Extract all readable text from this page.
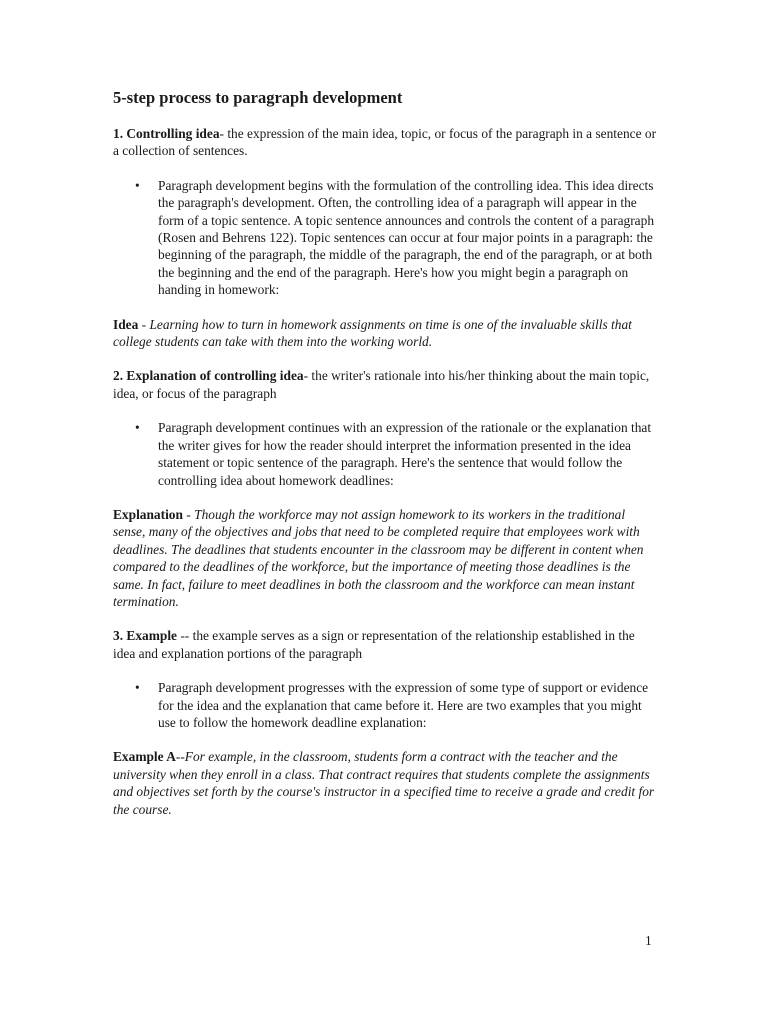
5-step process to paragraph development

1. Controlling idea- the expression of the main idea, topic, or focus of the paragraph in a sentence or a collection of sentences.

• Paragraph development begins with the formulation of the controlling idea. This idea directs the paragraph's development. Often, the controlling idea of a paragraph will appear in the form of a topic sentence. A topic sentence announces and controls the content of a paragraph (Rosen and Behrens 122). Topic sentences can occur at four major points in a paragraph: the beginning of the paragraph, the middle of the paragraph, the end of the paragraph, or at both the beginning and the end of the paragraph. Here's how you might begin a paragraph on handing in homework:

Idea - Learning how to turn in homework assignments on time is one of the invaluable skills that college students can take with them into the working world.

2. Explanation of controlling idea- the writer's rationale into his/her thinking about the main topic, idea, or focus of the paragraph

• Paragraph development continues with an expression of the rationale or the explanation that the writer gives for how the reader should interpret the information presented in the idea statement or topic sentence of the paragraph. Here's the sentence that would follow the controlling idea about homework deadlines:

Explanation - Though the workforce may not assign homework to its workers in the traditional sense, many of the objectives and jobs that need to be completed require that employees work with deadlines. The deadlines that students encounter in the classroom may be different in content when compared to the deadlines of the workforce, but the importance of meeting those deadlines is the same. In fact, failure to meet deadlines in both the classroom and the workforce can mean instant termination.

3. Example -- the example serves as a sign or representation of the relationship established in the idea and explanation portions of the paragraph

• Paragraph development progresses with the expression of some type of support or evidence for the idea and the explanation that came before it. Here are two examples that you might use to follow the homework deadline explanation:

Example A--For example, in the classroom, students form a contract with the teacher and the university when they enroll in a class. That contract requires that students complete the assignments and objectives set forth by the course's instructor in a specified time to receive a grade and credit for the course.

1
